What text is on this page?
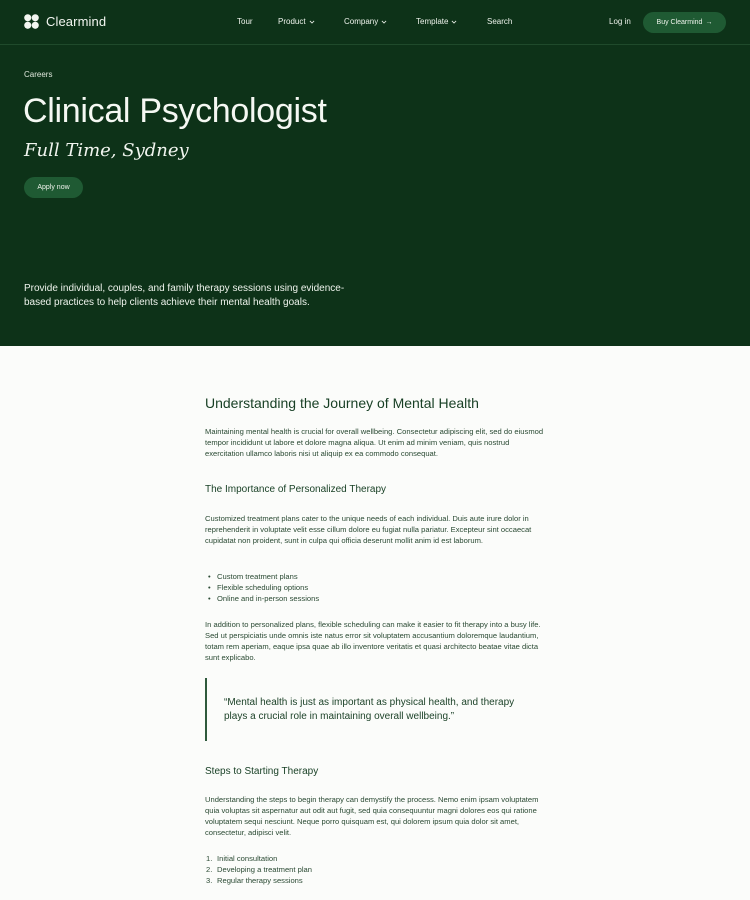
Clearmind	Tour	Product	Company	Template	Search	Log in	Buy Clearmind →
Careers
Clinical Psychologist
Full Time, Sydney
Apply now

Provide individual, couples, and family therapy sessions using evidence-based practices to help clients achieve their mental health goals.

Understanding the Journey of Mental Health

Maintaining mental health is crucial for overall wellbeing. Consectetur adipiscing elit, sed do eiusmod tempor incididunt ut labore et dolore magna aliqua. Ut enim ad minim veniam, quis nostrud exercitation ullamco laboris nisi ut aliquip ex ea commodo consequat.

The Importance of Personalized Therapy

Customized treatment plans cater to the unique needs of each individual. Duis aute irure dolor in reprehenderit in voluptate velit esse cillum dolore eu fugiat nulla pariatur. Excepteur sint occaecat cupidatat non proident, sunt in culpa qui officia deserunt mollit anim id est laborum.

• Custom treatment plans
• Flexible scheduling options
• Online and in-person sessions

In addition to personalized plans, flexible scheduling can make it easier to fit therapy into a busy life. Sed ut perspiciatis unde omnis iste natus error sit voluptatem accusantium doloremque laudantium, totam rem aperiam, eaque ipsa quae ab illo inventore veritatis et quasi architecto beatae vitae dicta sunt explicabo.

“Mental health is just as important as physical health, and therapy plays a crucial role in maintaining overall wellbeing.”

Steps to Starting Therapy

Understanding the steps to begin therapy can demystify the process. Nemo enim ipsam voluptatem quia voluptas sit aspernatur aut odit aut fugit, sed quia consequuntur magni dolores eos qui ratione voluptatem sequi nesciunt. Neque porro quisquam est, qui dolorem ipsum quia dolor sit amet, consectetur, adipisci velit.

1. Initial consultation
2. Developing a treatment plan
3. Regular therapy sessions
